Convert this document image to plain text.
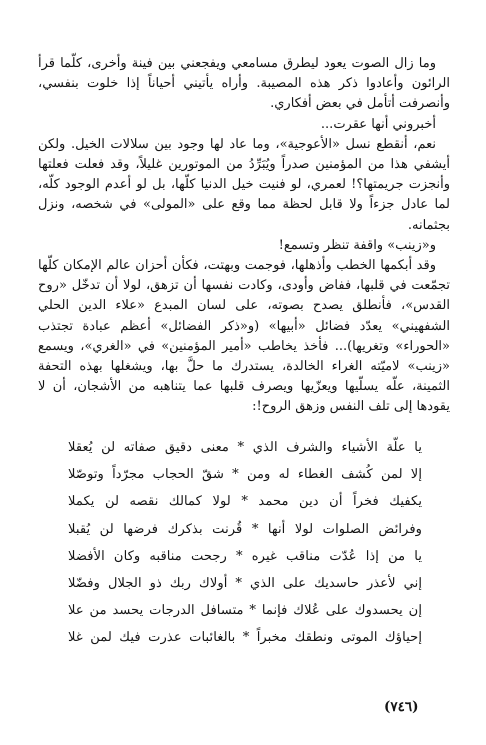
وما زال الصوت يعود ليطرق مسامعي ويفجعني بين فينة وأخرى، كلّما قرأ الرائون وأعادوا ذكر هذه المصيبة. وأراه يأتيني أحياناً إذا خلوت بنفسي، وأنصرفت أتأمل في بعض أفكاري.

أخبروني أنها عقرت...

نعم، أنقطع نسل «الأعوجية»، وما عاد لها وجود بين سلالات الخيل. ولكن أيشفي هذا من المؤمنين صدراً ويُبَرِّدُ من الموتورين غليلاً، وقد فعلت فعلتها وأنجزت جريمتها؟! لعمري، لو فنيت خيل الدنيا كلّها، بل لو أعدم الوجود كلّه، لما عادل جزءاً ولا قابل لحظة مما وقع على «المولى» في شخصه، ونزل بجثمانه.

و«زينب» واقفة تنظر وتسمع!

وقد أبكمها الخطب وأذهلها، فوجمت وبهتت، فكأن أحزان عالم الإمكان كلّها تجمّعت في قلبها، ففاض وأودى، وكادت نفسها أن تزهق، لولا أن تدخّل «روح القدس»، فأنطلق يصدح بصوته، على لسان المبدع «علاء الدين الحلي الشفهيني» يعدّد فضائل «أبيها» (و«ذكر الفضائل» أعظم عبادة تجتذب «الحوراء» وتغريها)... فأخذ يخاطب «أمير المؤمنين» في «الغري»، ويسمع «زينب» لاميّته الغراء الخالدة، يستدرك ما حلَّ بها، ويشغلها بهذه التحفة الثمينة، علّه يسلّيها ويعزّيها ويصرف قلبها عما يتناهبه من الأشجان، أن لا يقودها إلى تلف النفس وزهق الروح!:

يا علّة الأشياء والشرف الذي * معنى دقيق صفاته لن يُعقلا
إلا لمن كُشف الغطاء له ومن * شقّ الحجاب مجرّداً وتوصّلا
يكفيك فخراً أن دين محمد * لولا كمالك نقصه لن يكملا
وفرائض الصلوات لولا أنها * قُرنت بذكرك فرضها لن يُقبلا
يا من إذا عُدّت مناقب غيره * رجحت مناقبه وكان الأفضلا
إني لأعذر حاسديك على الذي * أولاك ربك ذو الجلال وفضّلا
إن يحسدوك على عُلاك فإنما * متسافل الدرجات يحسد من علا
إحياؤك الموتى ونطقك مخبراً * بالغائبات عذرت فيك لمن غلا
(٧٤٦)
